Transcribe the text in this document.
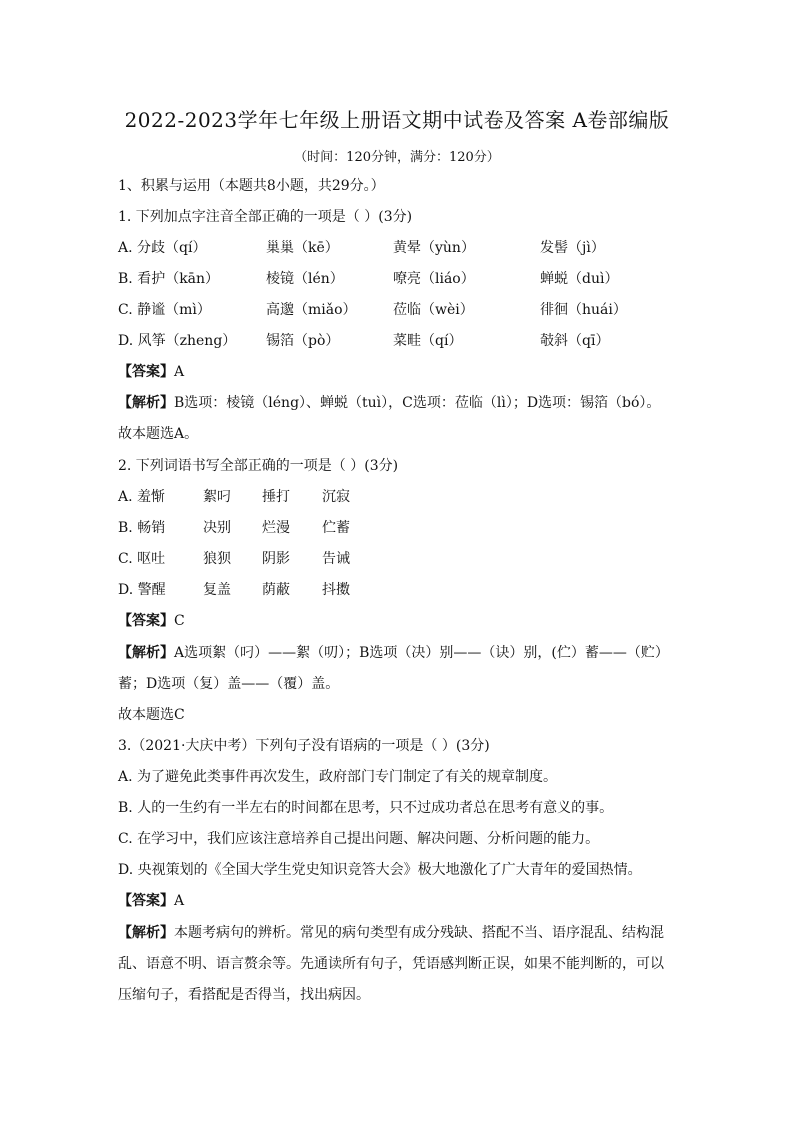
2022-2023学年七年级上册语文期中试卷及答案 A卷部编版
（时间：120分钟，满分：120分）
1、积累与运用（本题共8小题，共29分。）
1. 下列加点字注音全部正确的一项是（ ）(3分)
A. 分歧（qí）	巢巢（kē）	黄晕（yùn）	发髻（jì）
B. 看护（kān）	棱镜（lén）	嘹亮（liáo）	蝉蜕（duì）
C. 静谧（mì）	高邈（miǎo）	莅临（wèi）	徘徊（huái）
D. 风筝（zheng） 锡箔（pò）	菜畦（qí）	攲斜（qī）
【答案】A
【解析】B选项：棱镜（léng）、蝉蜕（tuì），C选项：莅临（lì）；D选项：锡箔（bó）。
故本题选A。
2. 下列词语书写全部正确的一项是（ ）(3分)
A. 羞惭	絮叼 捶打 沉寂
B. 畅销	决别 烂漫 伫蓄
C. 呕吐	狼狈 阴影 告诫
D. 警醒	复盖 荫蔽 抖擞
【答案】C
【解析】A选项絮（叼）——絮（叨）；B选项（决）别——（诀）别，(伫）蓄——（贮）
蓄；D选项（复）盖——（覆）盖。
故本题选C
3.（2021·大庆中考）下列句子没有语病的一项是（ ）(3分)
A. 为了避免此类事件再次发生，政府部门专门制定了有关的规章制度。
B. 人的一生约有一半左右的时间都在思考，只不过成功者总在思考有意义的事。
C. 在学习中，我们应该注意培养自己提出问题、解决问题、分析问题的能力。
D. 央视策划的《全国大学生党史知识竞答大会》极大地激化了广大青年的爱国热情。
【答案】A
【解析】本题考病句的辨析。常见的病句类型有成分残缺、搭配不当、语序混乱、结构混
乱、语意不明、语言赘余等。先通读所有句子，凭语感判断正误，如果不能判断的，可以
压缩句子，看搭配是否得当，找出病因。
